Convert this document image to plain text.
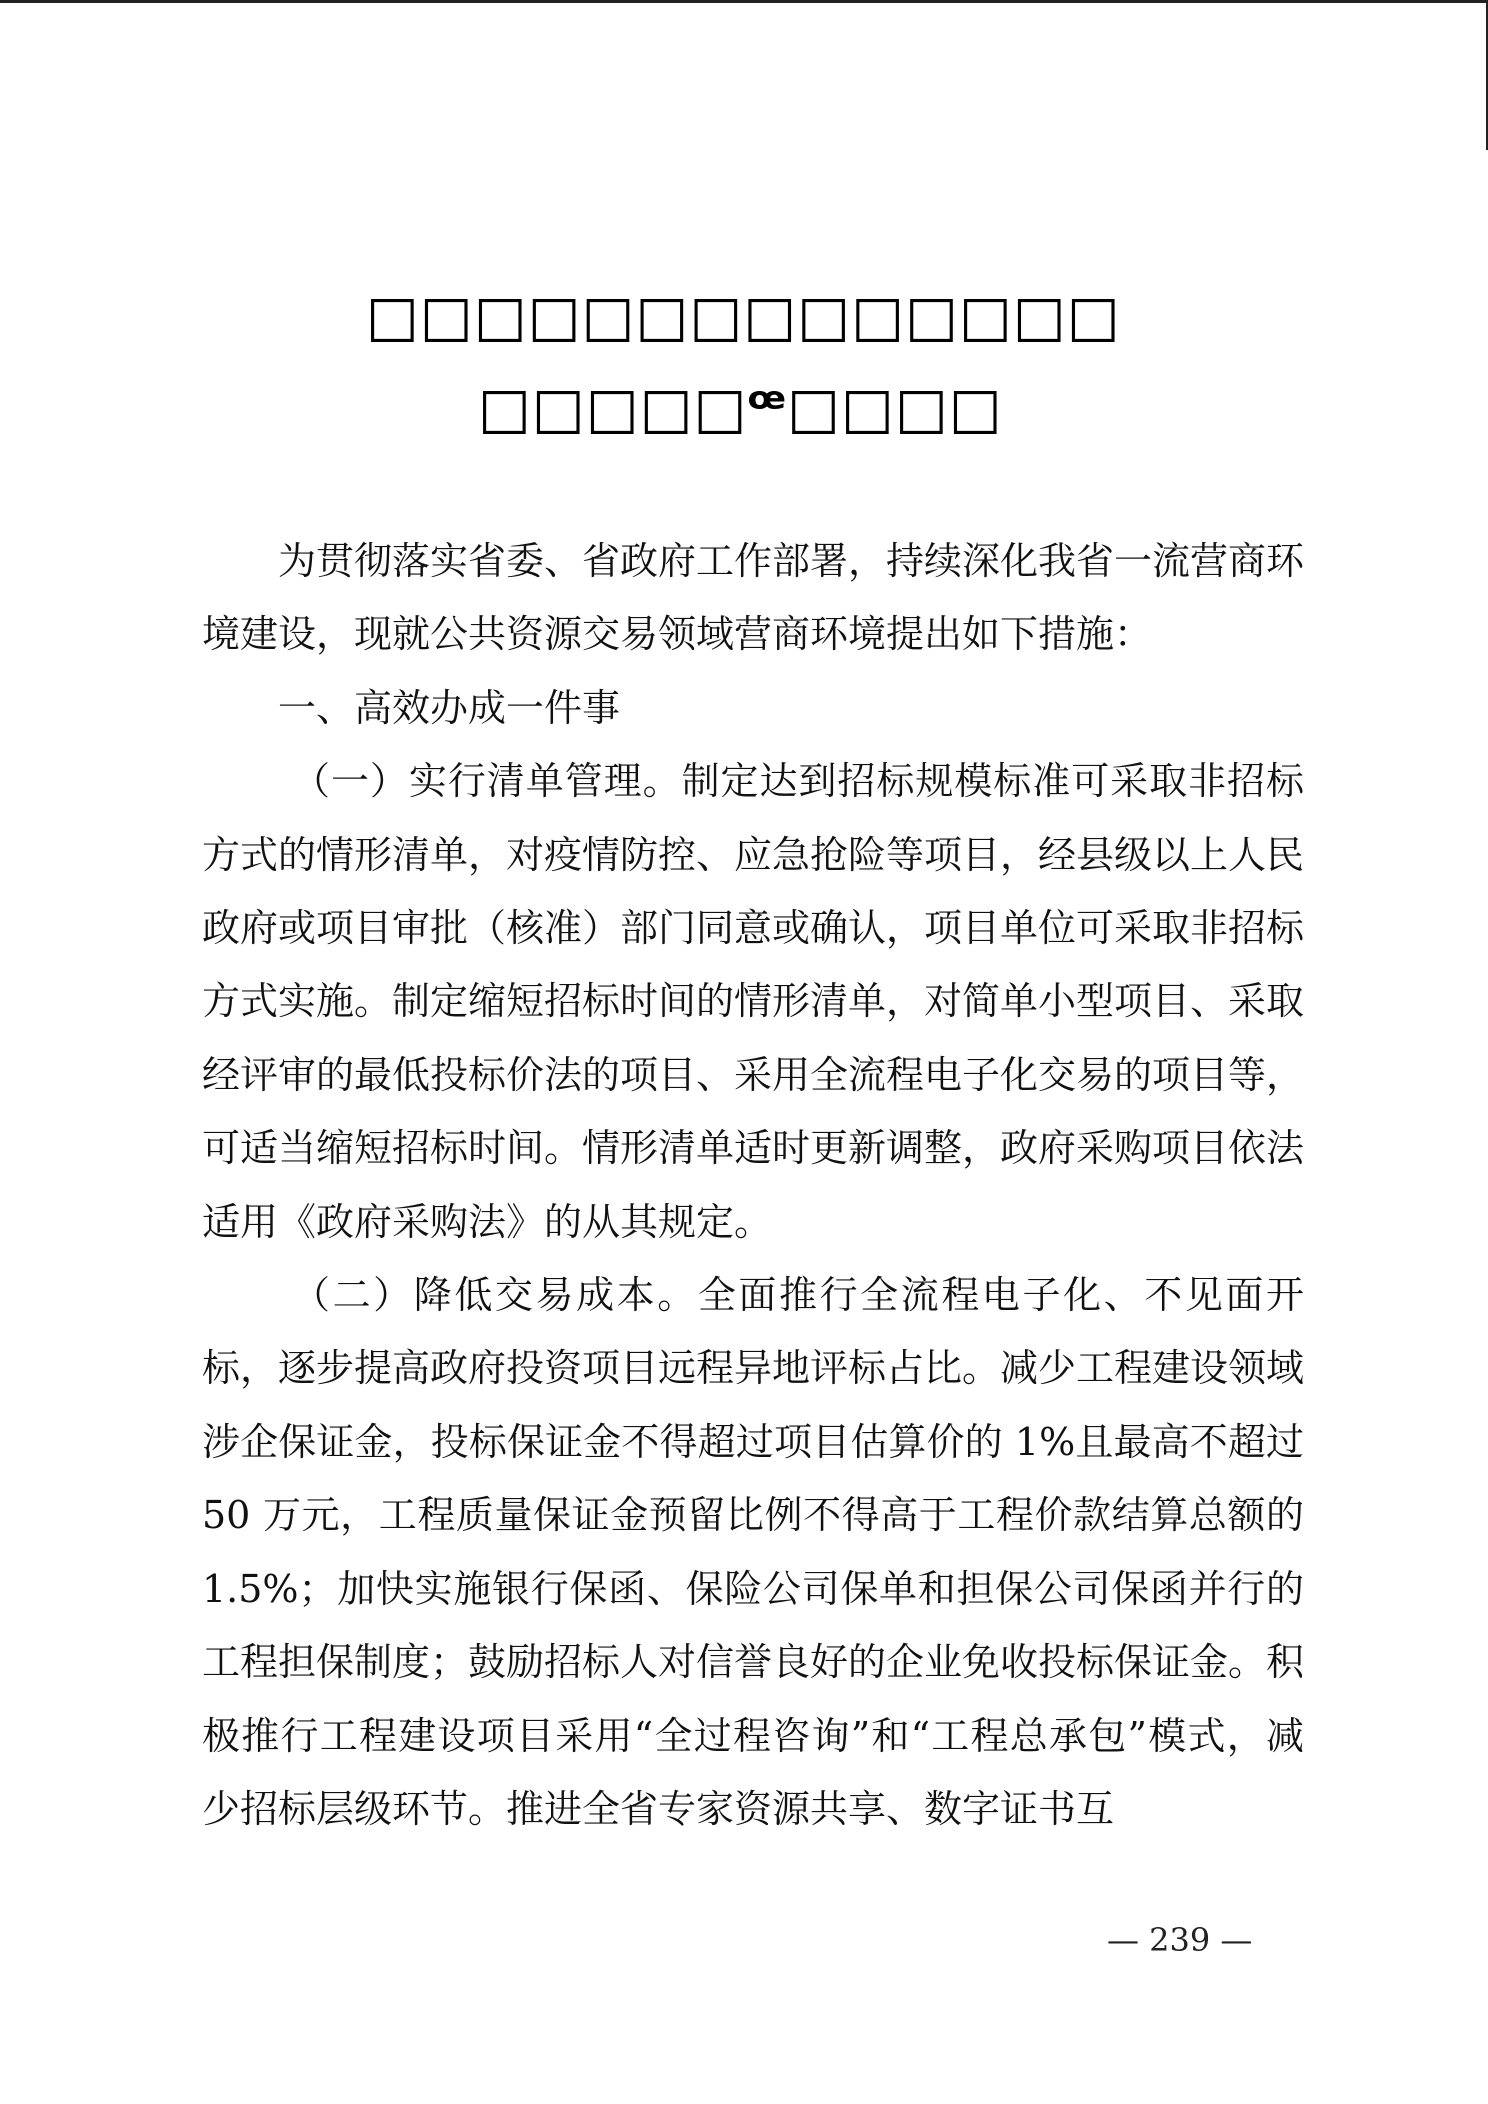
□□□□□□□□□□□□□□
□□□□□ꟹ□□□□

为贯彻落实省委、省政府工作部署，持续深化我省一流营商环境建设，现就公共资源交易领域营商环境提出如下措施：

一、高效办成一件事

（一）实行清单管理。制定达到招标规模标准可采取非招标方式的情形清单，对疫情防控、应急抢险等项目，经县级以上人民政府或项目审批（核准）部门同意或确认，项目单位可采取非招标方式实施。制定缩短招标时间的情形清单，对简单小型项目、采取经评审的最低投标价法的项目、采用全流程电子化交易的项目等，可适当缩短招标时间。情形清单适时更新调整，政府采购项目依法适用《政府采购法》的从其规定。

（二）降低交易成本。全面推行全流程电子化、不见面开标，逐步提高政府投资项目远程异地评标占比。减少工程建设领域涉企保证金，投标保证金不得超过项目估算价的 1%且最高不超过 50 万元，工程质量保证金预留比例不得高于工程价款结算总额的 1.5%；加快实施银行保函、保险公司保单和担保公司保函并行的工程担保制度；鼓励招标人对信誉良好的企业免收投标保证金。积极推行工程建设项目采用“全过程咨询”和“工程总承包”模式，减少招标层级环节。推进全省专家资源共享、数字证书互

— 239 —
